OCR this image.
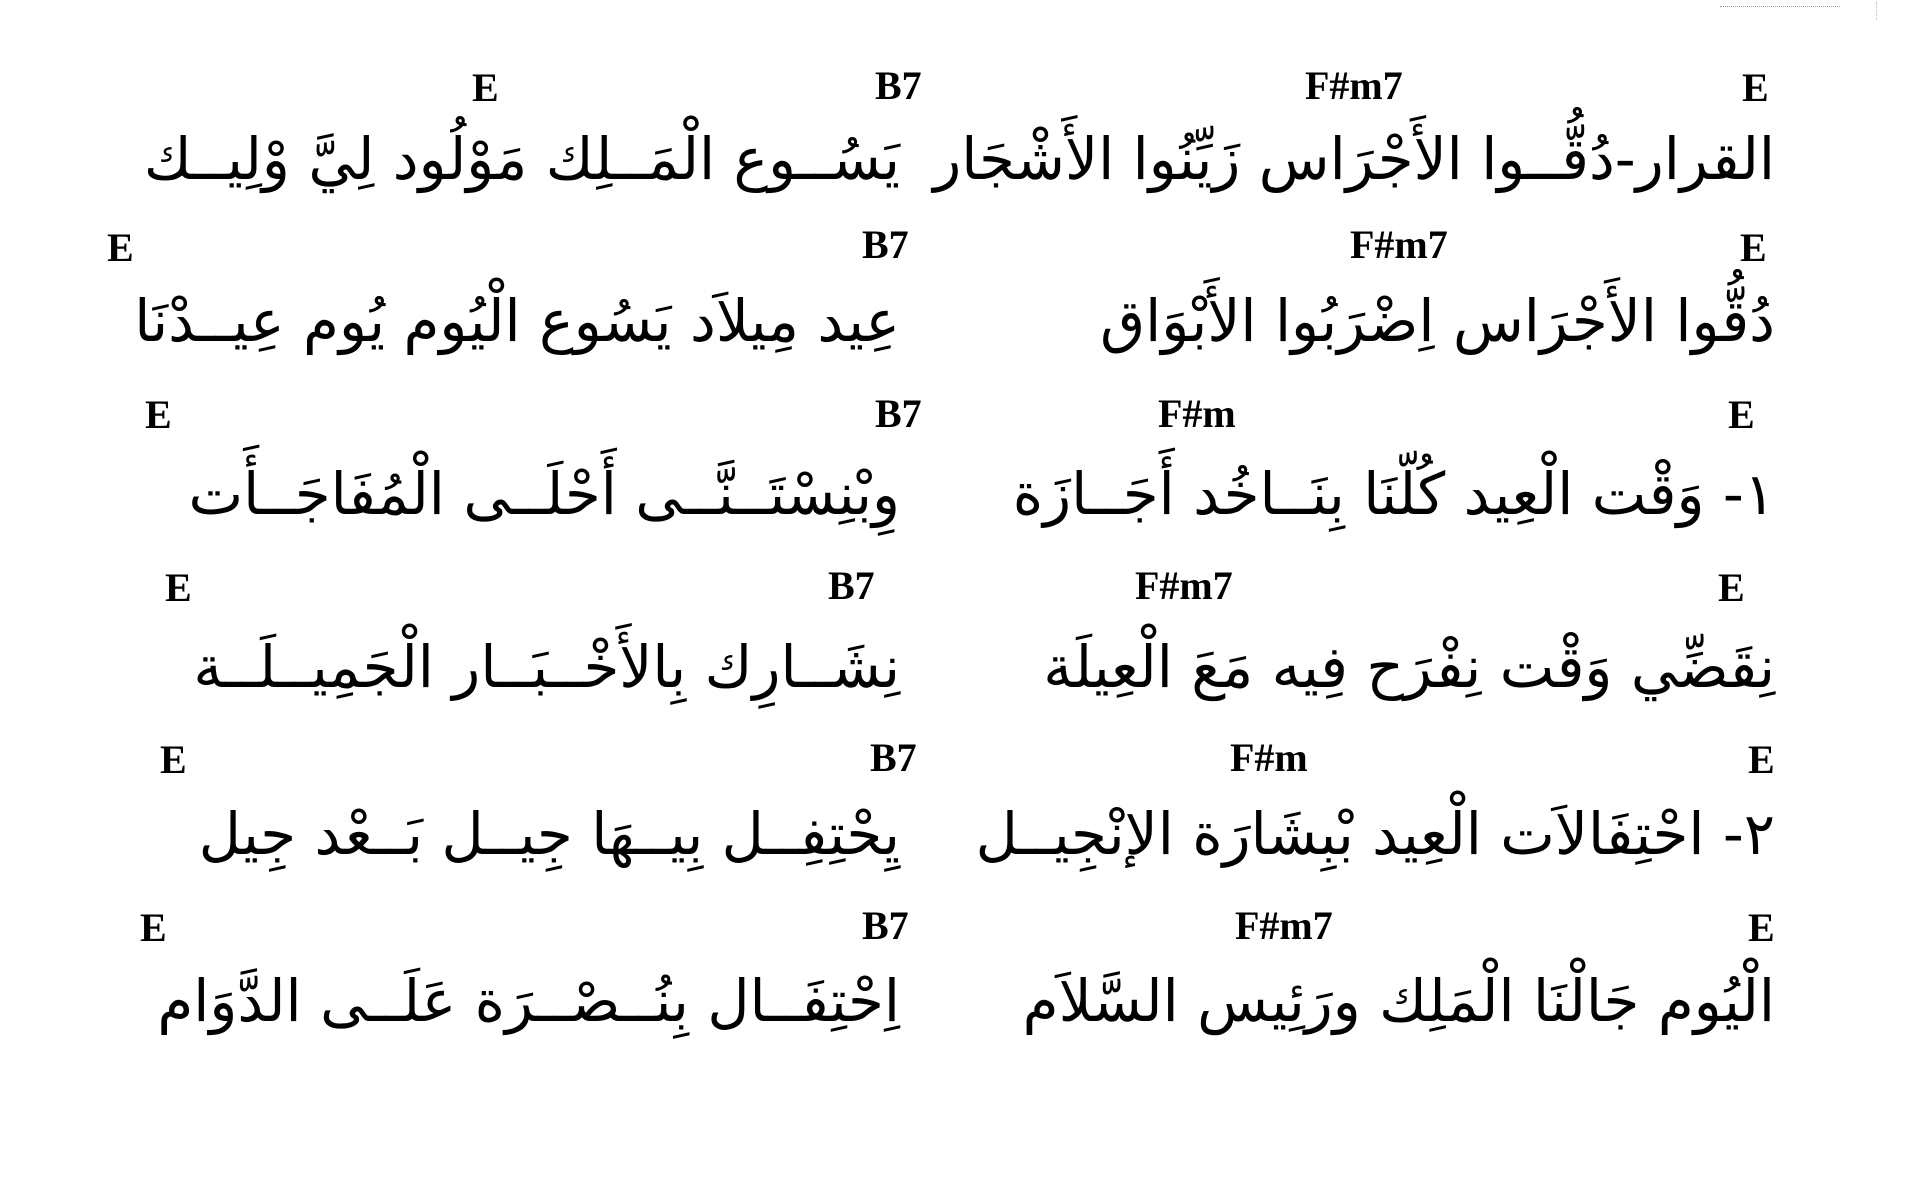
F#m7	E
B7
E
القرار-دُقُّــوا الأَجْرَاس زَيِّنُوا الأَشْجَار
يَسُــوع الْمَــلِك مَوْلُود لِيَّ وْلِيــك
F#m7	E
B7
E
دُقُّوا الأَجْرَاس اِضْرَبُوا الأَبْوَاق
عِيد مِيلاَد يَسُوع الْيُوم يُوم عِيــدْنَا
F#m	E
B7
E
١- وَقْت الْعِيد كُلّنَا بِنَــاخُد أَجَــازَة
وِبْنِسْتَــنَّــى أَحْلَــى الْمُفَاجَــأَت
F#m7	E
B7
E
نِقَضِّي وَقْت نِفْرَح فِيه مَعَ الْعِيلَة
نِشَــارِك بِالأَخْــبَــار الْجَمِيــلَــة
F#m	E
B7
E
٢- احْتِفَالاَت الْعِيد بْبِشَارَة الإنْجِيــل
يِحْتِفِــل بِيــهَا جِيــل بَــعْد جِيل
F#m7	E
B7
E
الْيُوم جَالْنَا الْمَلِك ورَئِيس السَّلاَم
اِحْتِفَــال بِنُــصْــرَة عَلَــى الدَّوَام
